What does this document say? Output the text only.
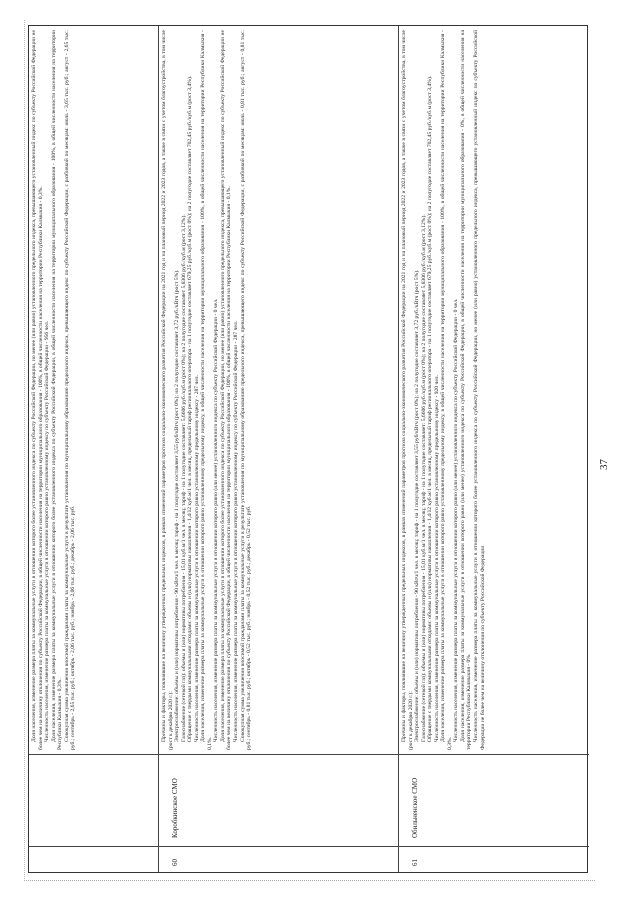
Доля населения, изменение размера платы за коммунальные услуги в отношении которого более установленного индекса по субъекту Российской Федерации, но менее (или равно) установленного предельного индекса, превышающего установленный индекс по субъекту Российской Федерации не более чем на величину отклонения по субъекту Российской Федерации, в общей численности населения на территории муниципального образования - 100%, в общей численности населения на территории Республики Калмыкия - 0,3%. Численность населения, изменение размера платы за коммунальные услуги в отношении которого равно установленному индексу по субъекту Российской Федерации - 956 чел. Доля населения, изменение размера платы за коммунальные услуги в отношении которого более установленного индекса по субъекту Российской Федерации, в общей численности населения на территории муниципального образования - 100%, в общей численности населения на территории Республики Калмыкия - 0,3%. Совокупная сумма увеличения вносимой гражданами платы за коммунальные услуги в результате установления по муниципальному образованию предельного индекса, превышающего индекс по субъекту Российской Федерации, с разбивкой по месяцам: июль - 3,65 тыс. руб.; август - 2,65 тыс. руб.; сентябрь - 2,65 тыс. руб.; октябрь - 2,06 тыс. руб.; ноябрь - 2,06 тыс. руб.; декабрь - 2,06 тыс. руб.

60
Коробкинское СМО

Причины и факторы, повлиявшие на величину утвержденных предельных индексов, в рамках изменений параметров прогноза социально-экономического развития Российской Федерации на 2021 год и на плановый период 2022 и 2023 годов, а также в связи с учетом благоустройства, в том числе (рост к декабрю 2020 г.): Электроснабжение: объемы и (или) нормативы потребления - 90 кВтч/1 чел. в месяц; тариф - на 1 полугодие составляет 3,55 руб/кВтч (рост 0%); на 2 полугодие составляет 3,72 руб./кВтч (рост 5%). Газоснабжение (сетевой газ): объемы и (или) нормативы потребления - 15,01 куб.м/1 чел. в месяц; тариф - на 1 полугодие составляет: 5,6606 руб./куб.м (рост 0%); на 2 полугодие составляет 5,8306 руб./куб.м (рост 3,12%). Обращение с твердыми коммунальными отходами: объемы и (или) нормативы накопления - 1,4/12 куб.м/1 чел. в месяц, предельный тариф регионального оператора - на 1 полугодие составляет 679,25 руб./куб.м (рост 0%); на 2 полугодие составляет 702,45 руб./куб.м (рост 3,4%). Численность населения, изменение размера платы за коммунальные услуги в отношении которого равно установленному предельному индексу - 287 чел. Доля населения, изменение размера платы за коммунальные услуги в отношении которого равно установленному предельному индексу, в общей численности населения на территории муниципального образования - 100%, в общей численности населения на территории Республики Калмыкия - 0,1%.

Численность населения, изменение размера платы за коммунальные услуги в отношении которого равно (или менее) установленного индекса по субъекту Российской Федерации - 0 чел. Доля населения, изменение размера платы за коммунальные услуги в отношении которого более установленного индекса по субъекту Российской Федерации, но менее (или равно) установленного предельного индекса, превышающего установленный индекс по субъекту Российской Федерации не более чем на величину отклонения по субъекту Российской Федерации, в общей численности населения на территории муниципального образования - 100%, в общей численности населения на территории Республики Калмыкия - 0,1%. Численность населения, изменение размера платы за коммунальные услуги в отношении которого равно установленному индексу по субъекту Российской Федерации - 287 чел. Совокупная сумма увеличения вносимой гражданами платы за коммунальные услуги в результате установления по муниципальному образованию предельного индекса, превышающего индекс по субъекту Российской Федерации, с разбивкой по месяцам: июль - 0,81 тыс. руб.; август - 0,81 тыс. руб.; сентябрь - 0,81 тыс. руб.; октябрь - 0,52 тыс. руб.; ноябрь - 0,52 тыс. руб.; декабрь - 0,52 тыс. руб.

61
Обильненское СМО

Причины и факторы, повлиявшие на величину утвержденных предельных индексов, в рамках изменений параметров прогноза социально-экономического развития Российской Федерации на 2021 год и на плановый период 2022 и 2023 годов, а также в связи с учетом благоустройства, в том числе (рост к декабрю 2020 г.): Электроснабжение: объемы и (или) нормативы потребления - 90 кВтч/1 чел. в месяц; тариф - на 1 полугодие составляет 3,55 руб/кВтч (рост 0%); на 2 полугодие составляет 3,72 руб./кВтч (рост 5%). Газоснабжение (сетевой газ): объемы и (или) нормативы потребления - 15,01 куб.м/1 чел. в месяц; тариф - на 1 полугодие составляет: 5,6606 руб./куб.м (рост 0%); на 2 полугодие составляет 5,8306 руб./куб.м (рост 3,12%). Обращение с твердыми коммунальными отходами: объемы и (или) нормативы накопления - 1,4/12 куб.м/1 чел. в месяц, предельный тариф регионального оператора - на 1 полугодие составляет 679,25 руб./куб.м (рост 0%); на 2 полугодие составляет 702,45 руб./куб.м (рост 3,4%). Численность населения, изменение размера платы за коммунальные услуги в отношении которого равно установленному предельному индексу - 920 чел. Доля населения, изменение размера платы за коммунальные услуги в отношении которого равно установленному предельному индексу, в общей численности населения на территории муниципального образования - 100%, в общей численности населения на территории Республики Калмыкия - 0,3%.

Численность населения, изменение размера платы за коммунальные услуги в отношении которого равно (или менее) установленного индекса по субъекту Российской Федерации - 0 чел. Доля населения, изменение размера платы за коммунальные услуги в отношении которого равно (или менее) установленного индекса по субъекту Российской Федерации, в общей численности населения на территории муниципального образования - 0%, в общей численности населения на территории Республики Калмыкия - 0%. Численность населения, изменение размера платы за коммунальные услуги в отношении которого более установленного индекса по субъекту Российской Федерации, но менее (или равно) установленного предельного индекса, превышающего установленный индекс по субъекту Российской Федерации не более чем на величину отклонения по субъекту Российской Федерации

37
